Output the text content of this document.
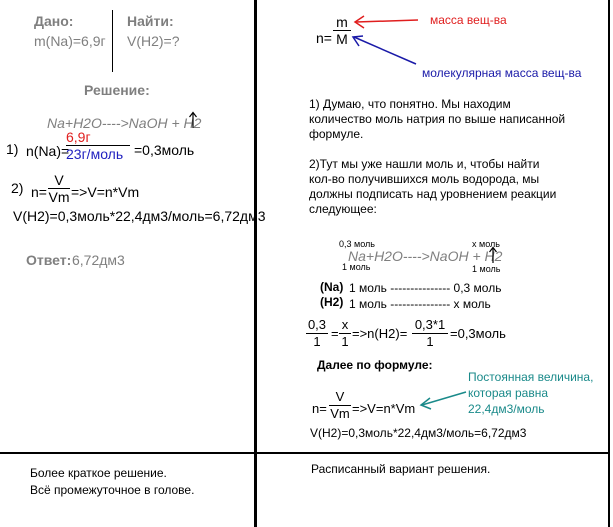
Дано:
m(Na)=6,9г
Найти:
V(H2)=?
Решение:
Na+H2O---->NaOH + H2
1) n(Na)=
6,9г
23г/моль =0,3моль
2) n=
V
Vm =>V=n*Vm
V(H2)=0,3моль*22,4дм3/моль=6,72дм3
Ответ: 6,72дм3
n=
m
M
масса вещ-ва
молекулярная масса вещ-ва
1) Думаю, что понятно. Мы находим
количество моль натрия по выше написанной
формуле.
2)Тут мы уже нашли моль и, чтобы найти
кол-во получившихся моль водорода, мы
должны подписать над уровнением реакции
следующее:
0,3 моль	x моль
Na+H2O---->NaOH + H2
1 моль	1 моль
(Na) 1 моль --------------- 0,3 моль
(H2) 1 моль --------------- x моль
0,3
1
=
x
1
=>n(H2)=
0,3*1
1
=0,3моль
Далее по формуле:
n=
V
Vm =>V=n*Vm
Постоянная величина,
которая равна
22,4дм3/моль
V(H2)=0,3моль*22,4дм3/моль=6,72дм3
Более краткое решение.
Всё промежуточное в голове.
Расписанный вариант решения.
